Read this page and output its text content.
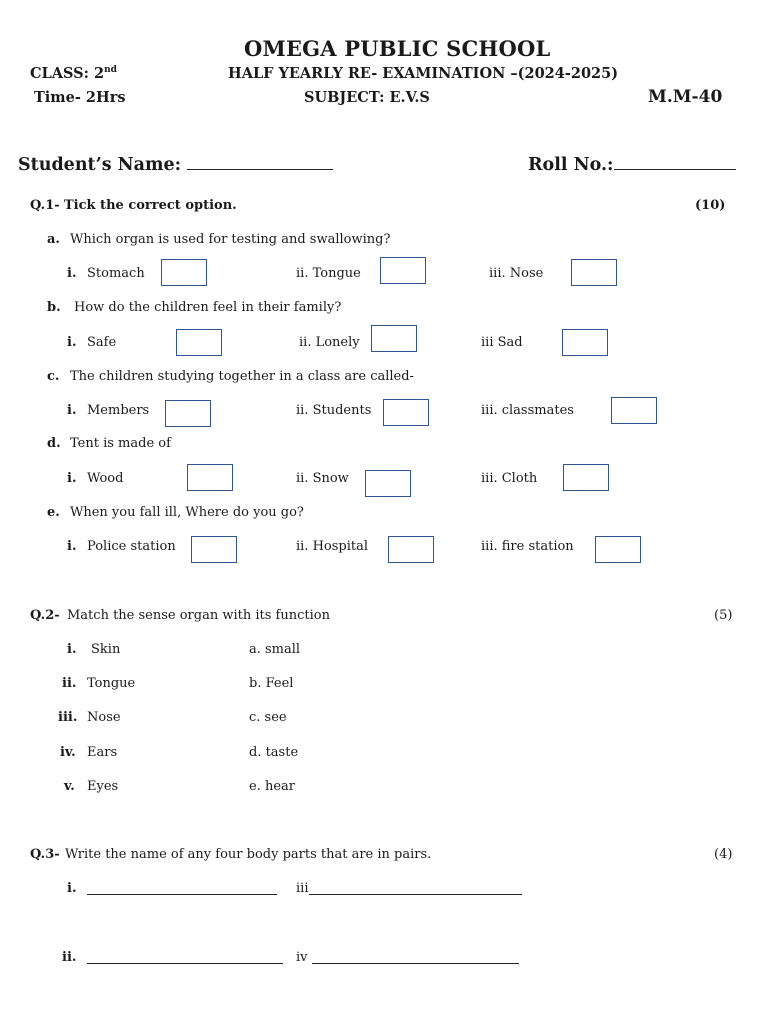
OMEGA PUBLIC SCHOOL
CLASS: 2nd	HALF YEARLY RE- EXAMINATION –(2024-2025)
Time- 2Hrs	SUBJECT: E.V.S	M.M-40
Student’s Name:	Roll No.:
Q.1- Tick the correct option.	(10)
a. Which organ is used for testing and swallowing?
i. Stomach	ii. Tongue	iii. Nose
b. How do the children feel in their family?
i. Safe	ii. Lonely	iii Sad
c. The children studying together in a class are called-
i. Members	ii. Students	iii. classmates
d. Tent is made of
i. Wood	ii. Snow	iii. Cloth
e. When you fall ill, Where do you go?
i. Police station	ii. Hospital	iii. fire station
Q.2- Match the sense organ with its function	(5)
i. Skin	a. small
ii. Tongue	b. Feel
iii. Nose	c. see
iv. Ears	d. taste
v. Eyes	e. hear
Q.3- Write the name of any four body parts that are in pairs.	(4)
i.	iii
ii.	iv
